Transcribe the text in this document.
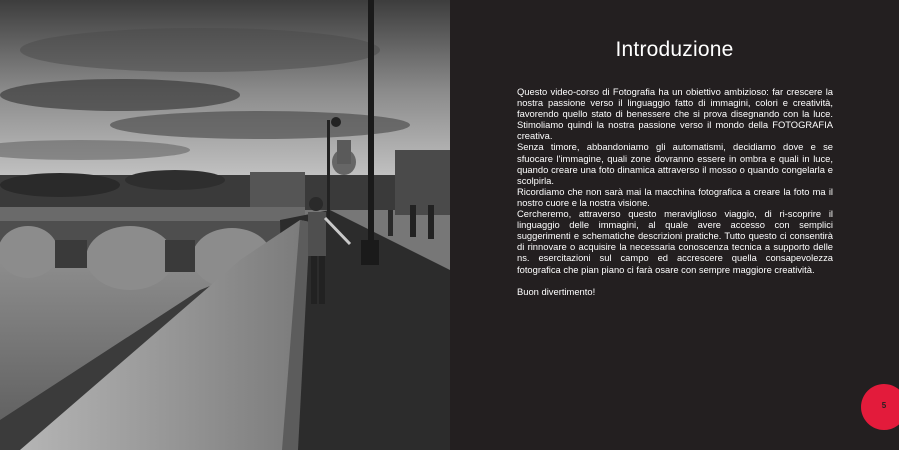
Introduzione

Questo video-corso di Fotografia ha un obiettivo ambizioso: far crescere la nostra passione verso il linguaggio fatto di immagini, colori e creatività, favorendo quello stato di benessere che si prova disegnando con la luce. Stimoliamo quindi la nostra passione verso il mondo della FOTOGRAFIA creativa.

Senza timore, abbandoniamo gli automatismi, decidiamo dove e se sfuocare l'immagine, quali zone dovranno essere in ombra e quali in luce, quando creare una foto dinamica attraverso il mosso o quando congelarla e scolpirla.

Ricordiamo che non sarà mai la macchina fotografica a creare la foto ma il nostro cuore e la nostra visione.

Cercheremo, attraverso questo meraviglioso viaggio, di ri-scoprire il linguaggio delle immagini, al quale avere accesso con semplici suggerimenti e schematiche descrizioni pratiche. Tutto questo ci consentirà di rinnovare o acquisire la necessaria conoscenza tecnica a supporto delle ns. esercitazioni sul campo ed accrescere quella consapevolezza fotografica che pian piano ci farà osare con sempre maggiore creatività.

Buon divertimento!

5
